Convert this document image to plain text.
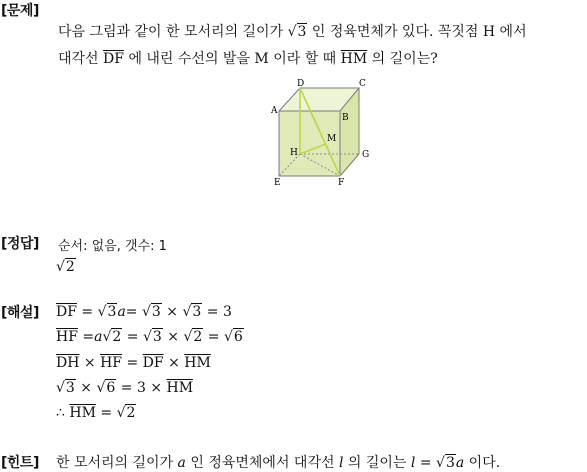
[문제]
다음 그림과 같이 한 모서리의 길이가 √3 인 정육면체가 있다. 꼭짓점 H 에서
대각선 $\overline{DF}$ 에 내린 수선의 발을 M 이라 할 때 $\overline{HM}$ 의 길이는?
A
D	C
B
M
H	G
E	F
[정답] 순서: 없음, 갯수: 1
√2
[해설] $\overline{DF} = √3a= √3 \times √3 = 3$
$\overline{HF} =a√2 = √3 \times √2 = √6$
$\overline{DH} \times \overline{HF} = \overline{DF} \times \overline{HM}$
$√3 \times √6 = 3 \times \overline{HM}$
∴ $\overline{HM} = √2$
[힌트] 한 모서리의 길이가 a 인 정육면체에서 대각선 l 의 길이는 l = √3a 이다.
